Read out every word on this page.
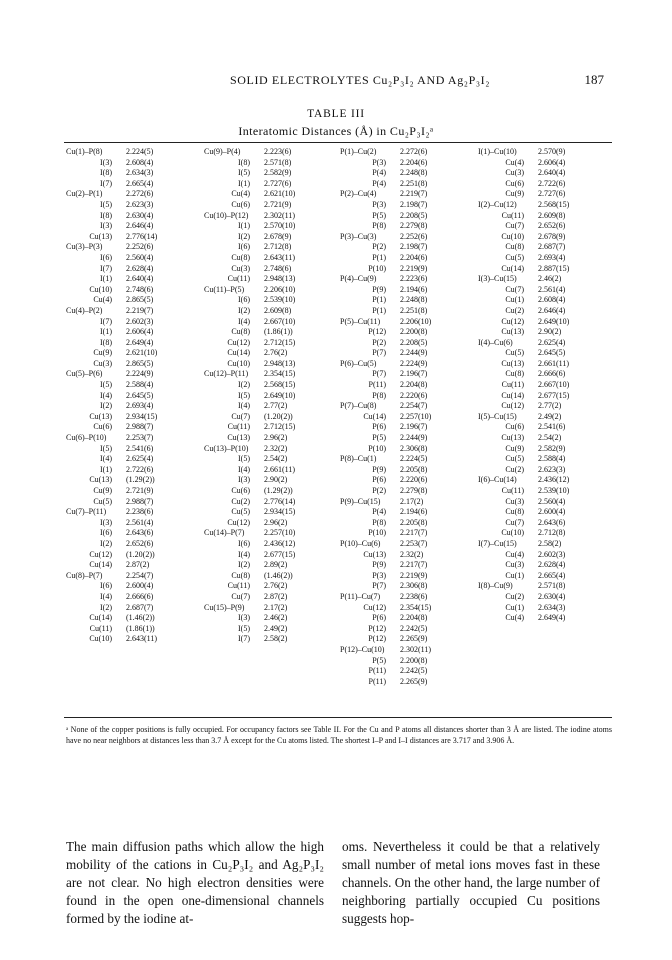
SOLID ELECTROLYTES Cu₂P₃I₂ AND Ag₂P₃I₂	187
TABLE III
Interatomic Distances (Å) in Cu₂P₃I₂ᵃ
Cu(1)–P(8)	2.224(5)
I(3)	2.608(4)
I(8)	2.634(3)
I(7)	2.665(4)
Cu(2)–P(1)	2.272(6)
I(5)	2.623(3)
I(8)	2.630(4)
I(3)	2.646(4)
Cu(13)	2.776(14)
Cu(3)–P(3)	2.252(6)
I(6)	2.560(4)
I(7)	2.628(4)
I(1)	2.640(4)
Cu(10)	2.748(6)
Cu(4)	2.865(5)
Cu(4)–P(2)	2.219(7)
I(7)	2.602(3)
I(1)	2.606(4)
I(8)	2.649(4)
Cu(9)	2.621(10)
Cu(3)	2.865(5)
Cu(5)–P(6)	2.224(9)
I(5)	2.588(4)
I(4)	2.645(5)
I(2)	2.693(4)
Cu(13)	2.934(15)
Cu(6)	2.988(7)
Cu(6)–P(10)	2.253(7)
I(5)	2.541(6)
I(4)	2.625(4)
I(1)	2.722(6)
Cu(13)	(1.29(2))
Cu(9)	2.721(9)
Cu(5)	2.988(7)
Cu(7)–P(11)	2.238(6)
I(3)	2.561(4)
I(6)	2.643(6)
I(2)	2.652(6)
Cu(12)	(1.20(2))
Cu(14)	2.87(2)
Cu(8)–P(7)	2.254(7)
I(6)	2.600(4)
I(4)	2.666(6)
I(2)	2.687(7)
Cu(14)	(1.46(2))
Cu(11)	(1.86(1))
Cu(10)	2.643(11)
Cu(9)–P(4)	2.223(6)
I(8)	2.571(8)
I(5)	2.582(9)
I(1)	2.727(6)
Cu(4)	2.621(10)
Cu(6)	2.721(9)
Cu(10)–P(12)	2.302(11)
I(1)	2.570(10)
I(2)	2.678(9)
I(6)	2.712(8)
Cu(8)	2.643(11)
Cu(3)	2.748(6)
Cu(11)	2.948(13)
Cu(11)–P(5)	2.206(10)
I(6)	2.539(10)
I(2)	2.609(8)
I(4)	2.667(10)
Cu(8)	(1.86(1))
Cu(12)	2.712(15)
Cu(14)	2.76(2)
Cu(10)	2.948(13)
Cu(12)–P(11)	2.354(15)
I(2)	2.568(15)
I(5)	2.649(10)
I(4)	2.77(2)
Cu(7)	(1.20(2))
Cu(11)	2.712(15)
Cu(13)	2.96(2)
Cu(13)–P(10)	2.32(2)
I(5)	2.54(2)
I(4)	2.661(11)
I(3)	2.90(2)
Cu(6)	(1.29(2))
Cu(2)	2.776(14)
Cu(5)	2.934(15)
Cu(12)	2.96(2)
Cu(14)–P(7)	2.257(10)
I(6)	2.436(12)
I(4)	2.677(15)
I(2)	2.89(2)
Cu(8)	(1.46(2))
Cu(11)	2.76(2)
Cu(7)	2.87(2)
Cu(15)–P(9)	2.17(2)
I(3)	2.46(2)
I(5)	2.49(2)
I(7)	2.58(2)
P(1)–Cu(2)	2.272(6)
P(3)	2.204(6)
P(4)	2.248(8)
P(4)	2.251(8)
P(2)–Cu(4)	2.219(7)
P(3)	2.198(7)
P(5)	2.208(5)
P(8)	2.279(8)
P(3)–Cu(3)	2.252(6)
P(2)	2.198(7)
P(1)	2.204(6)
P(10)	2.219(9)
P(4)–Cu(9)	2.223(6)
P(9)	2.194(6)
P(1)	2.248(8)
P(1)	2.251(8)
P(5)–Cu(11)	2.206(10)
P(12)	2.200(8)
P(2)	2.208(5)
P(7)	2.244(9)
P(6)–Cu(5)	2.224(9)
P(7)	2.196(7)
P(11)	2.204(8)
P(8)	2.220(6)
P(7)–Cu(8)	2.254(7)
Cu(14)	2.257(10)
P(6)	2.196(7)
P(5)	2.244(9)
P(10)	2.306(8)
P(8)–Cu(1)	2.224(5)
P(9)	2.205(8)
P(6)	2.220(6)
P(2)	2.279(8)
P(9)–Cu(15)	2.17(2)
P(4)	2.194(6)
P(8)	2.205(8)
P(10)	2.217(7)
P(10)–Cu(6)	2.253(7)
Cu(13)	2.32(2)
P(9)	2.217(7)
P(3)	2.219(9)
P(7)	2.306(8)
P(11)–Cu(7)	2.238(6)
Cu(12)	2.354(15)
P(6)	2.204(8)
P(12)	2.242(5)
P(12)	2.265(9)
P(12)–Cu(10)	2.302(11)
P(5)	2.200(8)
P(11)	2.242(5)
P(11)	2.265(9)
I(1)–Cu(10)	2.570(9)
Cu(4)	2.606(4)
Cu(3)	2.640(4)
Cu(6)	2.722(6)
Cu(9)	2.727(6)
I(2)–Cu(12)	2.568(15)
Cu(11)	2.609(8)
Cu(7)	2.652(6)
Cu(10)	2.678(9)
Cu(8)	2.687(7)
Cu(5)	2.693(4)
Cu(14)	2.887(15)
I(3)–Cu(15)	2.46(2)
Cu(7)	2.561(4)
Cu(1)	2.608(4)
Cu(2)	2.646(4)
Cu(12)	2.649(10)
Cu(13)	2.90(2)
I(4)–Cu(6)	2.625(4)
Cu(5)	2.645(5)
Cu(13)	2.661(11)
Cu(8)	2.666(6)
Cu(11)	2.667(10)
Cu(14)	2.677(15)
Cu(12)	2.77(2)
I(5)–Cu(15)	2.49(2)
Cu(6)	2.541(6)
Cu(13)	2.54(2)
Cu(9)	2.582(9)
Cu(5)	2.588(4)
Cu(2)	2.623(3)
I(6)–Cu(14)	2.436(12)
Cu(11)	2.539(10)
Cu(3)	2.560(4)
Cu(8)	2.600(4)
Cu(7)	2.643(6)
Cu(10)	2.712(8)
I(7)–Cu(15)	2.58(2)
Cu(4)	2.602(3)
Cu(3)	2.628(4)
Cu(1)	2.665(4)
I(8)–Cu(9)	2.571(8)
Cu(2)	2.630(4)
Cu(1)	2.634(3)
Cu(4)	2.649(4)
ᵃ None of the copper positions is fully occupied. For occupancy factors see Table II. For the Cu and P atoms all distances shorter than 3 Å are listed. The iodine atoms have no near neighbors at distances less than 3.7 Å except for the Cu atoms listed. The shortest I–P and I–I distances are 3.717 and 3.906 Å.
The main diffusion paths which allow the high mobility of the cations in Cu₂P₃I₂ and Ag₂P₃I₂ are not clear. No high electron densities were found in the open one-dimensional channels formed by the iodine at-
oms. Nevertheless it could be that a relatively small number of metal ions moves fast in these channels. On the other hand, the large number of neighboring partially occupied Cu positions suggests hop-
